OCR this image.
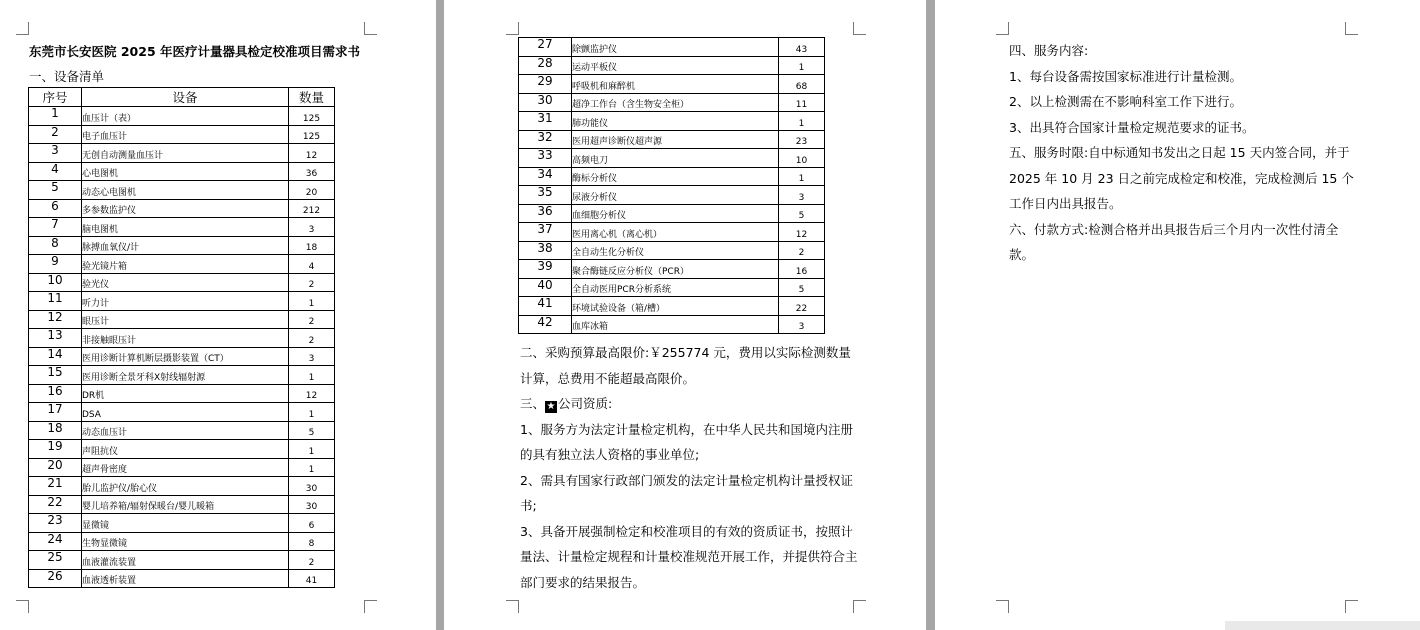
东莞市长安医院 2025 年医疗计量器具检定校准项目需求书
一、设备清单
序号	设备	数量
1	血压计（表）	125
2	电子血压计	125
3	无创自动测量血压计	12
4	心电图机	36
5	动态心电图机	20
6	多参数监护仪	212
7	脑电图机	3
8	脉搏血氧仪/计	18
9	验光镜片箱	4
10	验光仪	2
11	听力计	1
12	眼压计	2
13	非接触眼压计	2
14	医用诊断计算机断层摄影装置（CT）	3
15	医用诊断全景牙科X射线辐射源	1
16	DR机	12
17	DSA	1
18	动态血压计	5
19	声阻抗仪	1
20	超声骨密度	1
21	胎儿监护仪/胎心仪	30
22	婴儿培养箱/辐射保暖台/婴儿暖箱	30
23	显微镜	6
24	生物显微镜	8
25	血液灌流装置	2
26	血液透析装置	41
27	除颤监护仪	43
28	运动平板仪	1
29	呼吸机和麻醉机	68
30	超净工作台（含生物安全柜）	11
31	肺功能仪	1
32	医用超声诊断仪超声源	23
33	高频电刀	10
34	酶标分析仪	1
35	尿液分析仪	3
36	血细胞分析仪	5
37	医用离心机（离心机）	12
38	全自动生化分析仪	2
39	聚合酶链反应分析仪（PCR）	16
40	全自动医用PCR分析系统	5
41	环境试验设备（箱/槽）	22
42	血库冰箱	3

二、采购预算最高限价:￥255774 元，费用以实际检测数量计算，总费用不能超最高限价。

三、 ★ 公司资质:

1、服务方为法定计量检定机构，在中华人民共和国境内注册的具有独立法人资格的事业单位;

2、需具有国家行政部门颁发的法定计量检定机构计量授权证书;

3、具备开展强制检定和校准项目的有效的资质证书，按照计量法、计量检定规程和计量校准规范开展工作，并提供符合主部门要求的结果报告。

四、服务内容:

1、每台设备需按国家标准进行计量检测。

2、以上检测需在不影响科室工作下进行。

3、出具符合国家计量检定规范要求的证书。

五、服务时限:自中标通知书发出之日起 15 天内签合同，并于 2025 年 10 月 23 日之前完成检定和校准，完成检测后 15 个工作日内出具报告。

六、付款方式:检测合格并出具报告后三个月内一次性付清全款。
